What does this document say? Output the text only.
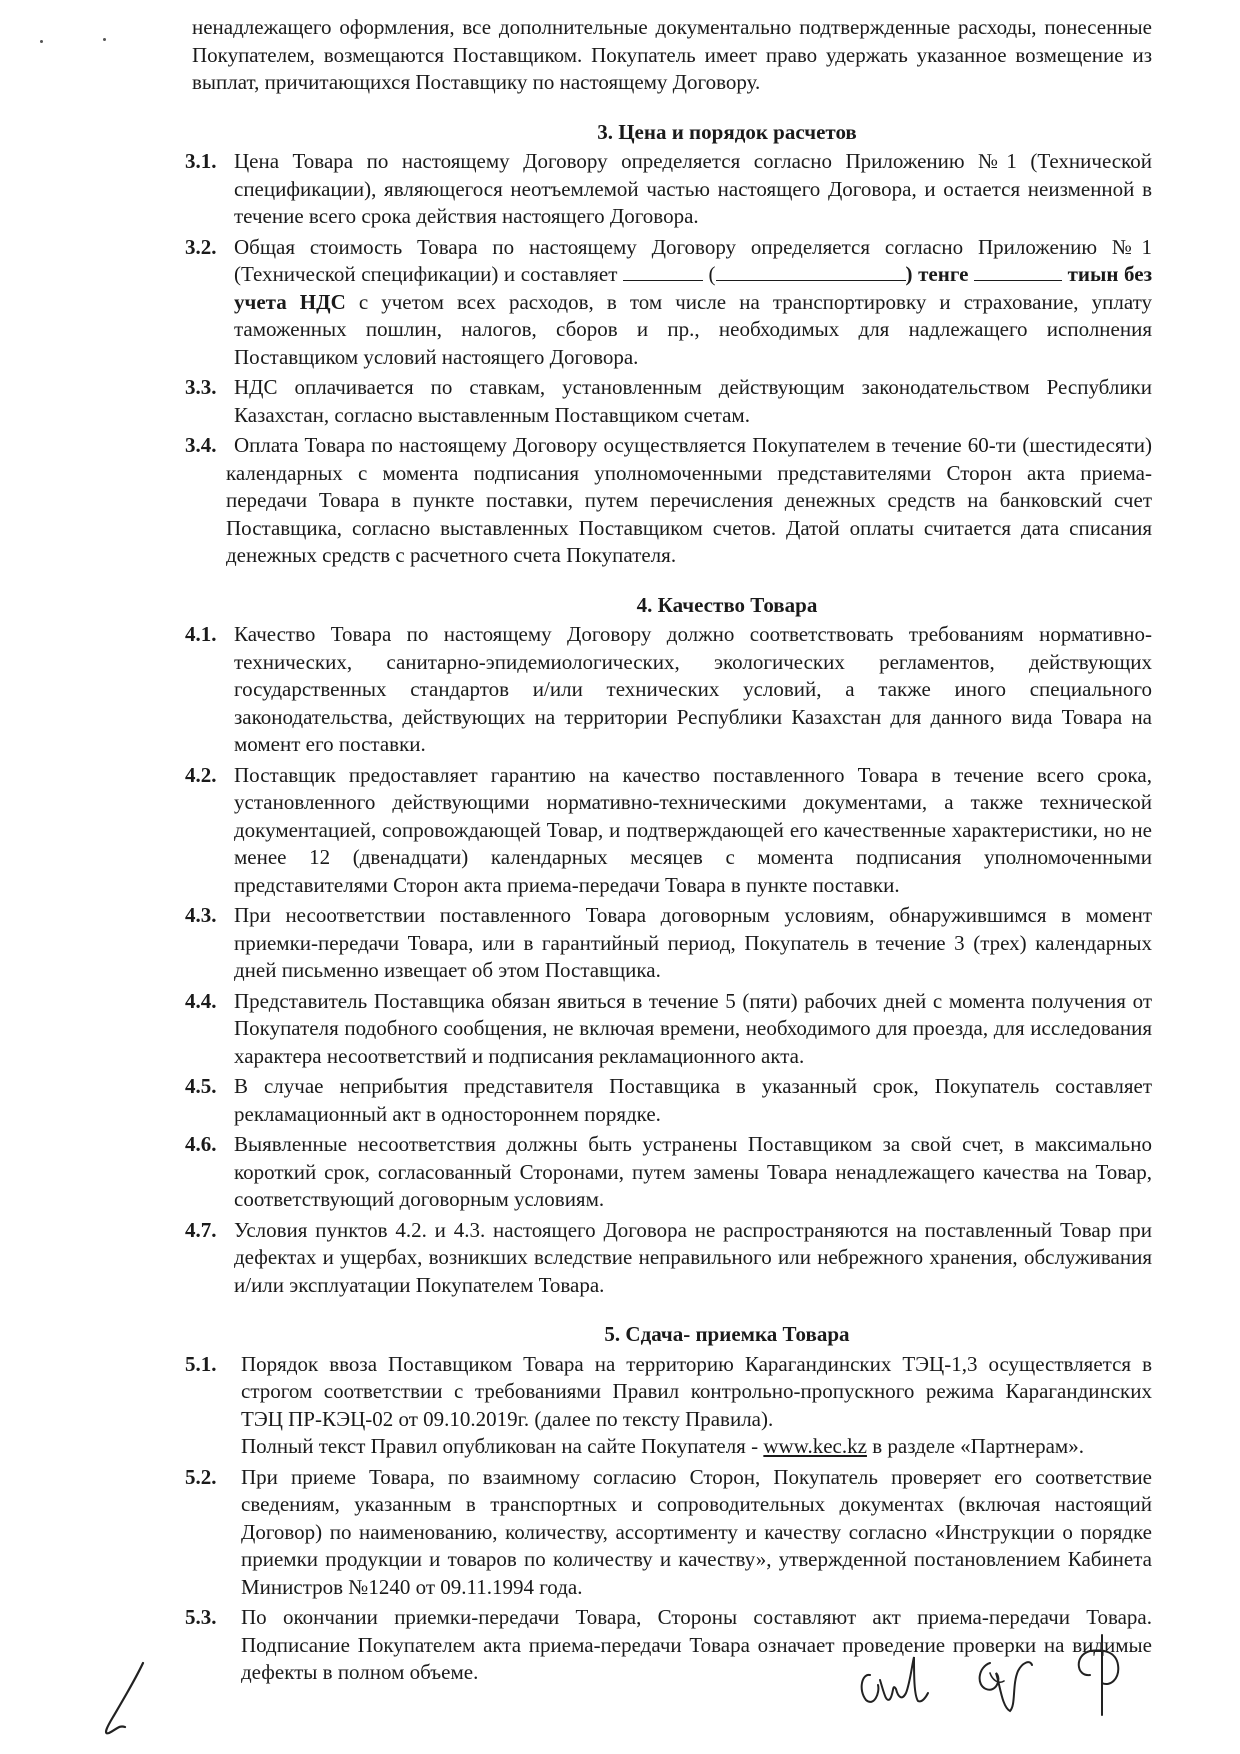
ненадлежащего оформления, все дополнительные документально подтвержденные расходы, понесенные Покупателем, возмещаются Поставщиком. Покупатель имеет право удержать указанное возмещение из выплат, причитающихся Поставщику по настоящему Договору.

3. Цена и порядок расчетов
3.1. Цена Товара по настоящему Договору определяется согласно Приложению №1 (Технической спецификации), являющегося неотъемлемой частью настоящего Договора, и остается неизменной в течение всего срока действия настоящего Договора.

3.2. Общая стоимость Товара по настоящему Договору определяется согласно Приложению №1 (Технической спецификации) и составляет	(	) тенге	тиын без учета НДС с учетом всех расходов, в том числе на транспортировку и страхование, уплату таможенных пошлин, налогов, сборов и пр., необходимых для надлежащего исполнения Поставщиком условий настоящего Договора.

3.3. НДС оплачивается по ставкам, установленным действующим законодательством Республики Казахстан, согласно выставленным Поставщиком счетам.

3.4. Оплата Товара по настоящему Договору осуществляется Покупателем в течение 60-ти (шестидесяти) календарных с момента подписания уполномоченными представителями Сторон акта приема-передачи Товара в пункте поставки, путем перечисления денежных средств на банковский счет Поставщика, согласно выставленных Поставщиком счетов. Датой оплаты считается дата списания денежных средств с расчетного счета Покупателя.

4. Качество Товара
4.1. Качество Товара по настоящему Договору должно соответствовать требованиям нормативно-технических, санитарно-эпидемиологических, экологических регламентов, действующих государственных стандартов и/или технических условий, а также иного специального законодательства, действующих на территории Республики Казахстан для данного вида Товара на момент его поставки.

4.2. Поставщик предоставляет гарантию на качество поставленного Товара в течение всего срока, установленного действующими нормативно-техническими документами, а также технической документацией, сопровождающей Товар, и подтверждающей его качественные характеристики, но не менее 12 (двенадцати) календарных месяцев с момента подписания уполномоченными представителями Сторон акта приема-передачи Товара в пункте поставки.

4.3. При несоответствии поставленного Товара договорным условиям, обнаружившимся в момент приемки-передачи Товара, или в гарантийный период, Покупатель в течение 3 (трех) календарных дней письменно извещает об этом Поставщика.

4.4. Представитель Поставщика обязан явиться в течение 5 (пяти) рабочих дней с момента получения от Покупателя подобного сообщения, не включая времени, необходимого для проезда, для исследования характера несоответствий и подписания рекламационного акта.

4.5. В случае неприбытия представителя Поставщика в указанный срок, Покупатель составляет рекламационный акт в одностороннем порядке.

4.6. Выявленные несоответствия должны быть устранены Поставщиком за свой счет, в максимально короткий срок, согласованный Сторонами, путем замены Товара ненадлежащего качества на Товар, соответствующий договорным условиям.

4.7. Условия пунктов 4.2. и 4.3. настоящего Договора не распространяются на поставленный Товар при дефектах и ущербах, возникших вследствие неправильного или небрежного хранения, обслуживания и/или эксплуатации Покупателем Товара.

5. Сдача- приемка Товара
5.1. Порядок ввоза Поставщиком Товара на территорию Карагандинских ТЭЦ-1,3 осуществляется в строгом соответствии с требованиями Правил контрольно-пропускного режима Карагандинских ТЭЦ ПР-КЭЦ-02 от 09.10.2019г. (далее по тексту Правила).

Полный текст Правил опубликован на сайте Покупателя - www.kec.kz в разделе «Партнерам».

5.2. При приеме Товара, по взаимному согласию Сторон, Покупатель проверяет его соответствие сведениям, указанным в транспортных и сопроводительных документах (включая настоящий Договор) по наименованию, количеству, ассортименту и качеству согласно «Инструкции о порядке приемки продукции и товаров по количеству и качеству», утвержденной постановлением Кабинета Министров №1240 от 09.11.1994 года.

5.3. По окончании приемки-передачи Товара, Стороны составляют акт приема-передачи Товара. Подписание Покупателем акта приема-передачи Товара означает проведение проверки на видимые дефекты в полном объеме.
